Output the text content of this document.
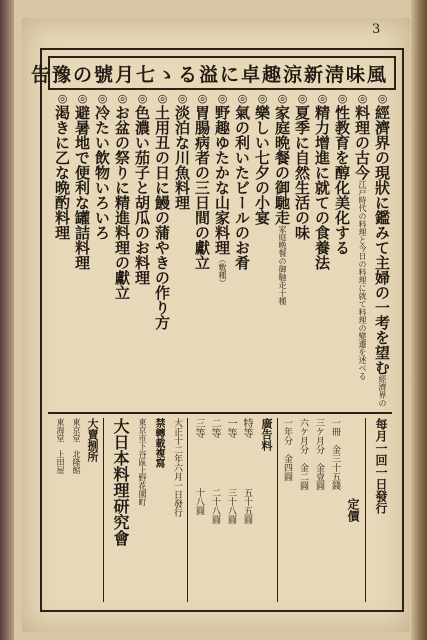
3
風味淸新涼趣卓に溢るゝ七月號の豫告
◎經濟界の現狀に鑑みて主婦の一考を望む經濟界の
◎料理の古今江戸時代の料理と今日の料理に就て料理の變遷を述べる
◎性教育を醇化美化する
◎精力增進に就ての食養法
◎夏季に自然生活の味
◎家庭晩餐の御馳走家庭晩餐の御馳走十種
◎樂しい七夕の小宴
◎氣の利いたビールのお肴
◎野趣ゆたかな山家料理（敷種）
◎胃腸病者の三日間の獻立
◎淡泊な川魚料理
◎土用丑の日に鰻の蒲やきの作り方
◎色濃い茄子と胡瓜のお料理
◎お盆の祭りに精進料理の獻立
◎冷たい飲物いろいろ
◎避暑地で便利な罐詰料理
◎渇きに乙な晩酌料理
每月一回一日發行
定價
一冊　金三十五錢
三ケ月分　金壹圓
六ケ月分　金二圓
一年分　金四圓
廣告料
特等
一等
二等
三等
五十五圓
三十八圓
二十八圓
十八圓
大正十二年六月一日發行
禁轉載複寫
東京市下谷區上野花園町
大日本料理研究會
大賣捌所
東京堂　北隆館
東海堂　上田屋
